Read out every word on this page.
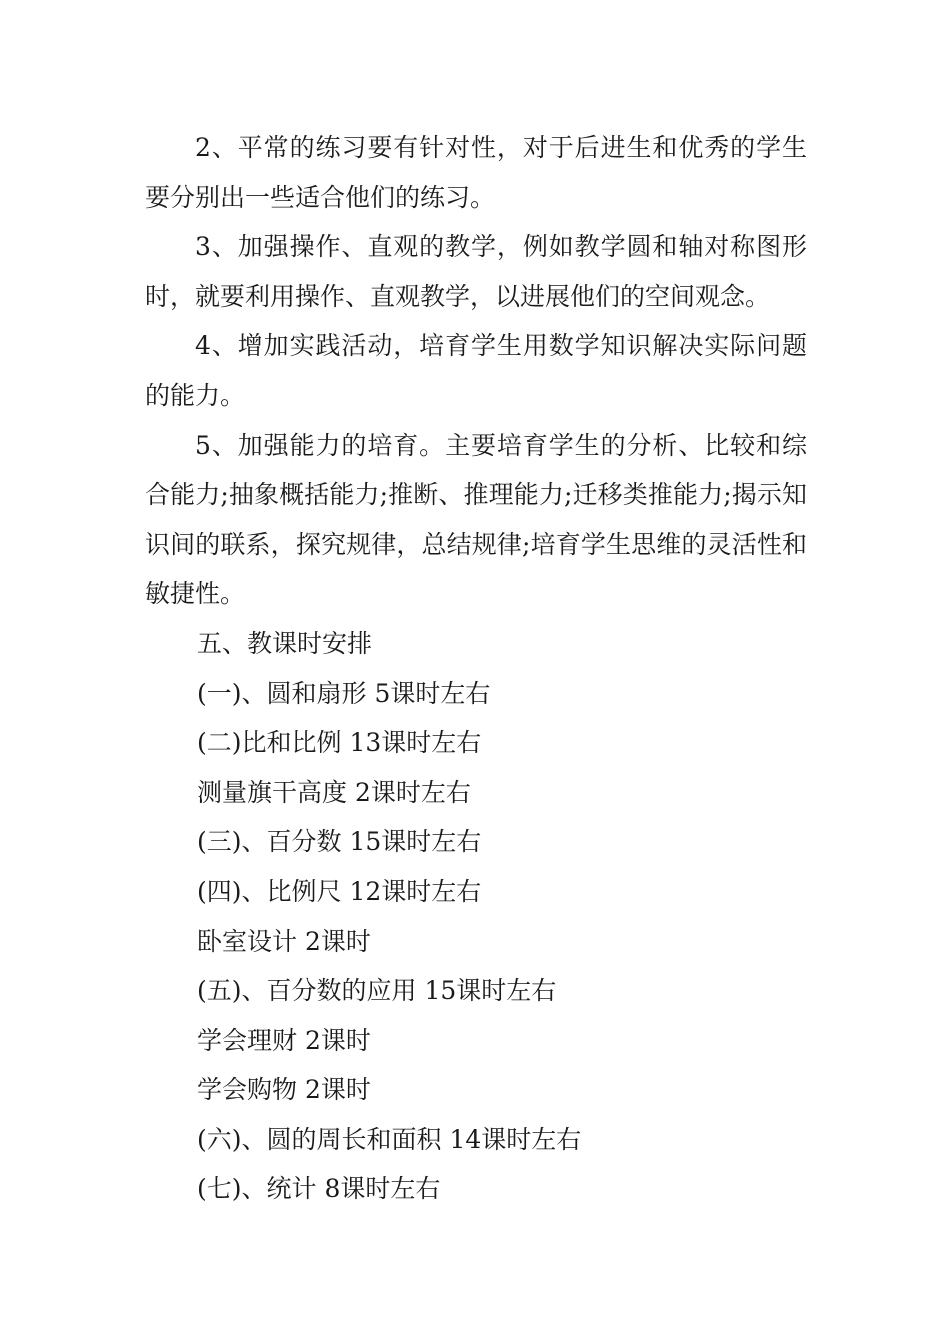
2、平常的练习要有针对性，对于后进生和优秀的学生要分别出一些适合他们的练习。

3、加强操作、直观的教学，例如教学圆和轴对称图形时，就要利用操作、直观教学，以进展他们的空间观念。

4、增加实践活动，培育学生用数学知识解决实际问题的能力。

5、加强能力的培育。主要培育学生的分析、比较和综合能力;抽象概括能力;推断、推理能力;迁移类推能力;揭示知识间的联系，探究规律，总结规律;培育学生思维的灵活性和敏捷性。

五、教课时安排

(一)、圆和扇形 5课时左右

(二)比和比例 13课时左右

测量旗干高度 2课时左右

(三)、百分数 15课时左右

(四)、比例尺 12课时左右

卧室设计 2课时

(五)、百分数的应用 15课时左右

学会理财 2课时

学会购物 2课时

(六)、圆的周长和面积 14课时左右

(七)、统计 8课时左右
